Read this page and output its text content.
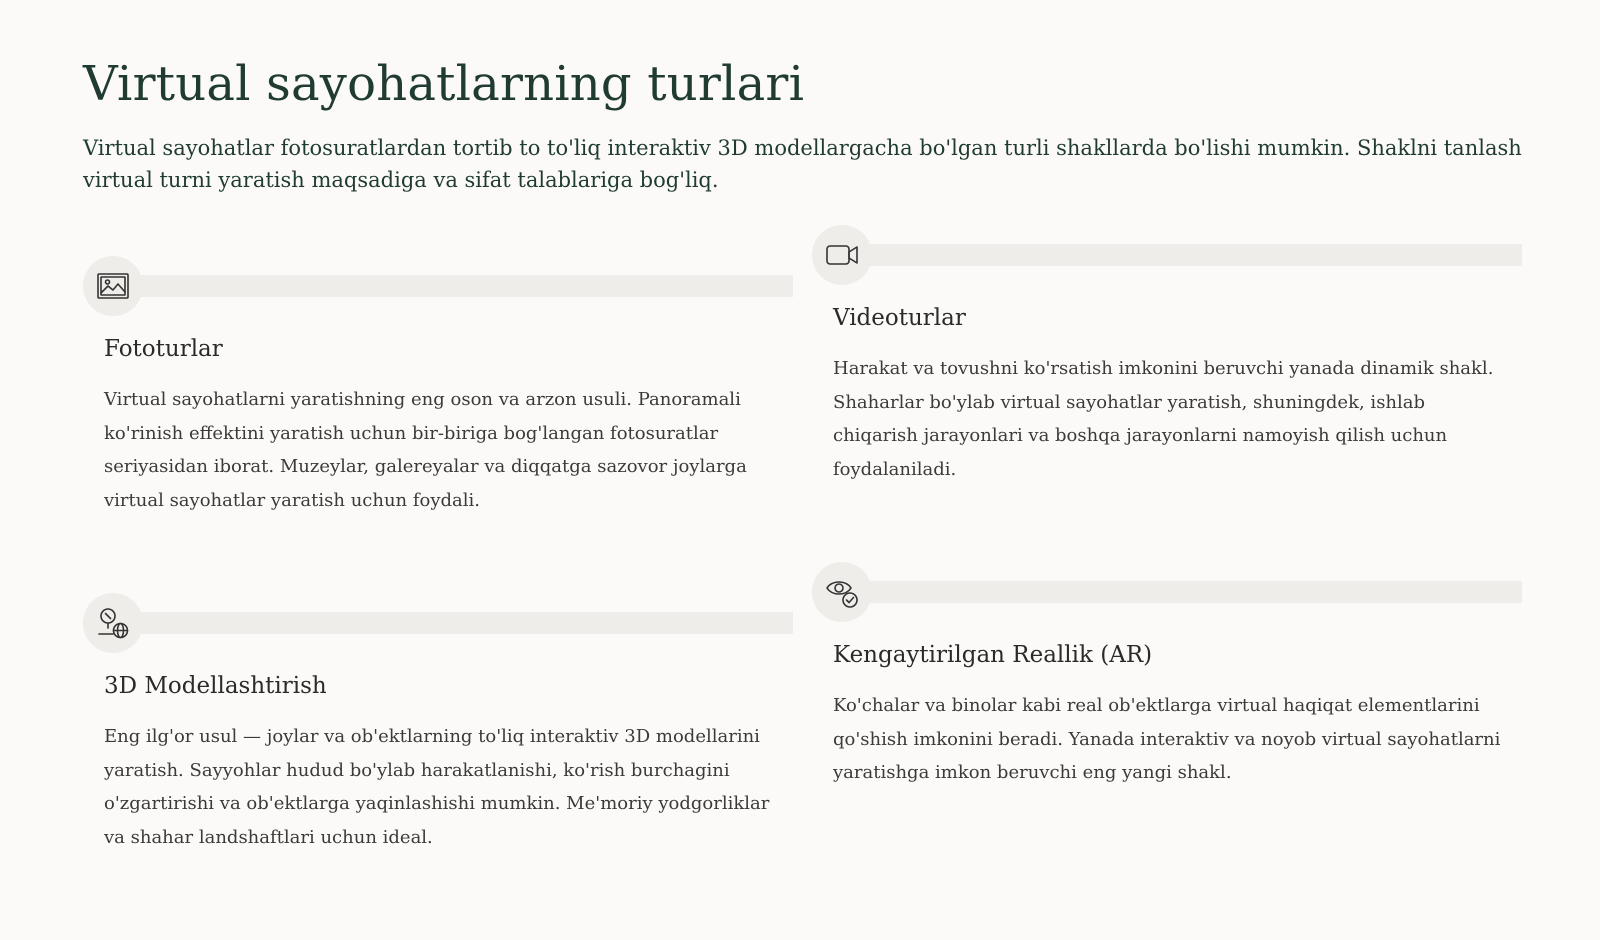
Virtual sayohatlarning turlari

Virtual sayohatlar fotosuratlardan tortib to to'liq interaktiv 3D modellargacha bo'lgan turli shakllarda bo'lishi mumkin. Shaklni tanlash virtual turni yaratish maqsadiga va sifat talablariga bog'liq.

Fototurlar

Virtual sayohatlarni yaratishning eng oson va arzon usuli. Panoramali ko'rinish effektini yaratish uchun bir-biriga bog'langan fotosuratlar seriyasidan iborat. Muzeylar, galereyalar va diqqatga sazovor joylarga virtual sayohatlar yaratish uchun foydali.

Videoturlar

Harakat va tovushni ko'rsatish imkonini beruvchi yanada dinamik shakl. Shaharlar bo'ylab virtual sayohatlar yaratish, shuningdek, ishlab chiqarish jarayonlari va boshqa jarayonlarni namoyish qilish uchun foydalaniladi.

3D Modellashtirish

Eng ilg'or usul — joylar va ob'ektlarning to'liq interaktiv 3D modellarini yaratish. Sayyohlar hudud bo'ylab harakatlanishi, ko'rish burchagini o'zgartirishi va ob'ektlarga yaqinlashishi mumkin. Me'moriy yodgorliklar va shahar landshaftlari uchun ideal.

Kengaytirilgan Reallik (AR)

Ko'chalar va binolar kabi real ob'ektlarga virtual haqiqat elementlarini qo'shish imkonini beradi. Yanada interaktiv va noyob virtual sayohatlarni yaratishga imkon beruvchi eng yangi shakl.
